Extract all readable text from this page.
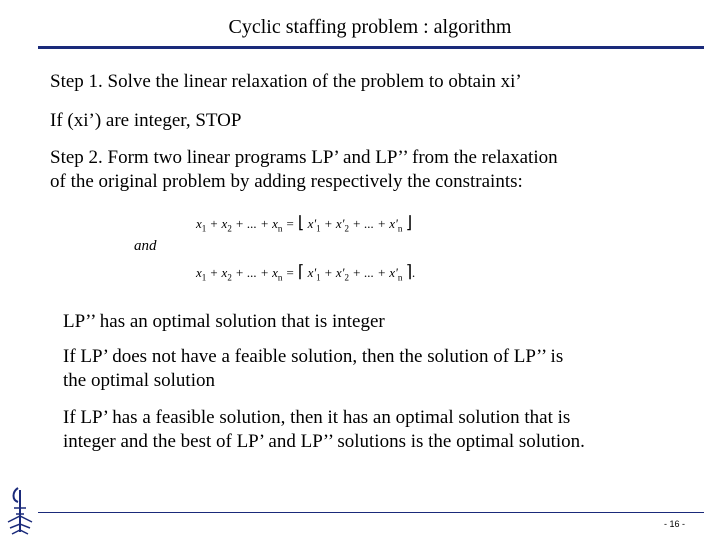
Cyclic staffing problem : algorithm

Step 1. Solve the linear relaxation of the problem to obtain xi’

If (xi’) are integer, STOP

Step 2. Form two linear programs LP’ and LP’’ from the relaxation

of the original problem by adding respectively the constraints:

$x_1 + x_2$ + ... + $x_n$ = ⌊ $x'_1 + x'_2$ + ... + $x'_n$ ⌋
and
$x_1 + x_2$ + ... + $x_n$ = ⌈ $x'_1 + x'_2$ + ... + $x'_n$ ⌉.

LP’’ has an optimal solution that is integer

If LP’ does not have a feaible solution, then the solution of LP’’ is

the optimal solution

If LP’ has a feasible solution, then it has an optimal solution that is

integer and the best of LP’ and LP’’ solutions is the optimal solution.

- 16 -
